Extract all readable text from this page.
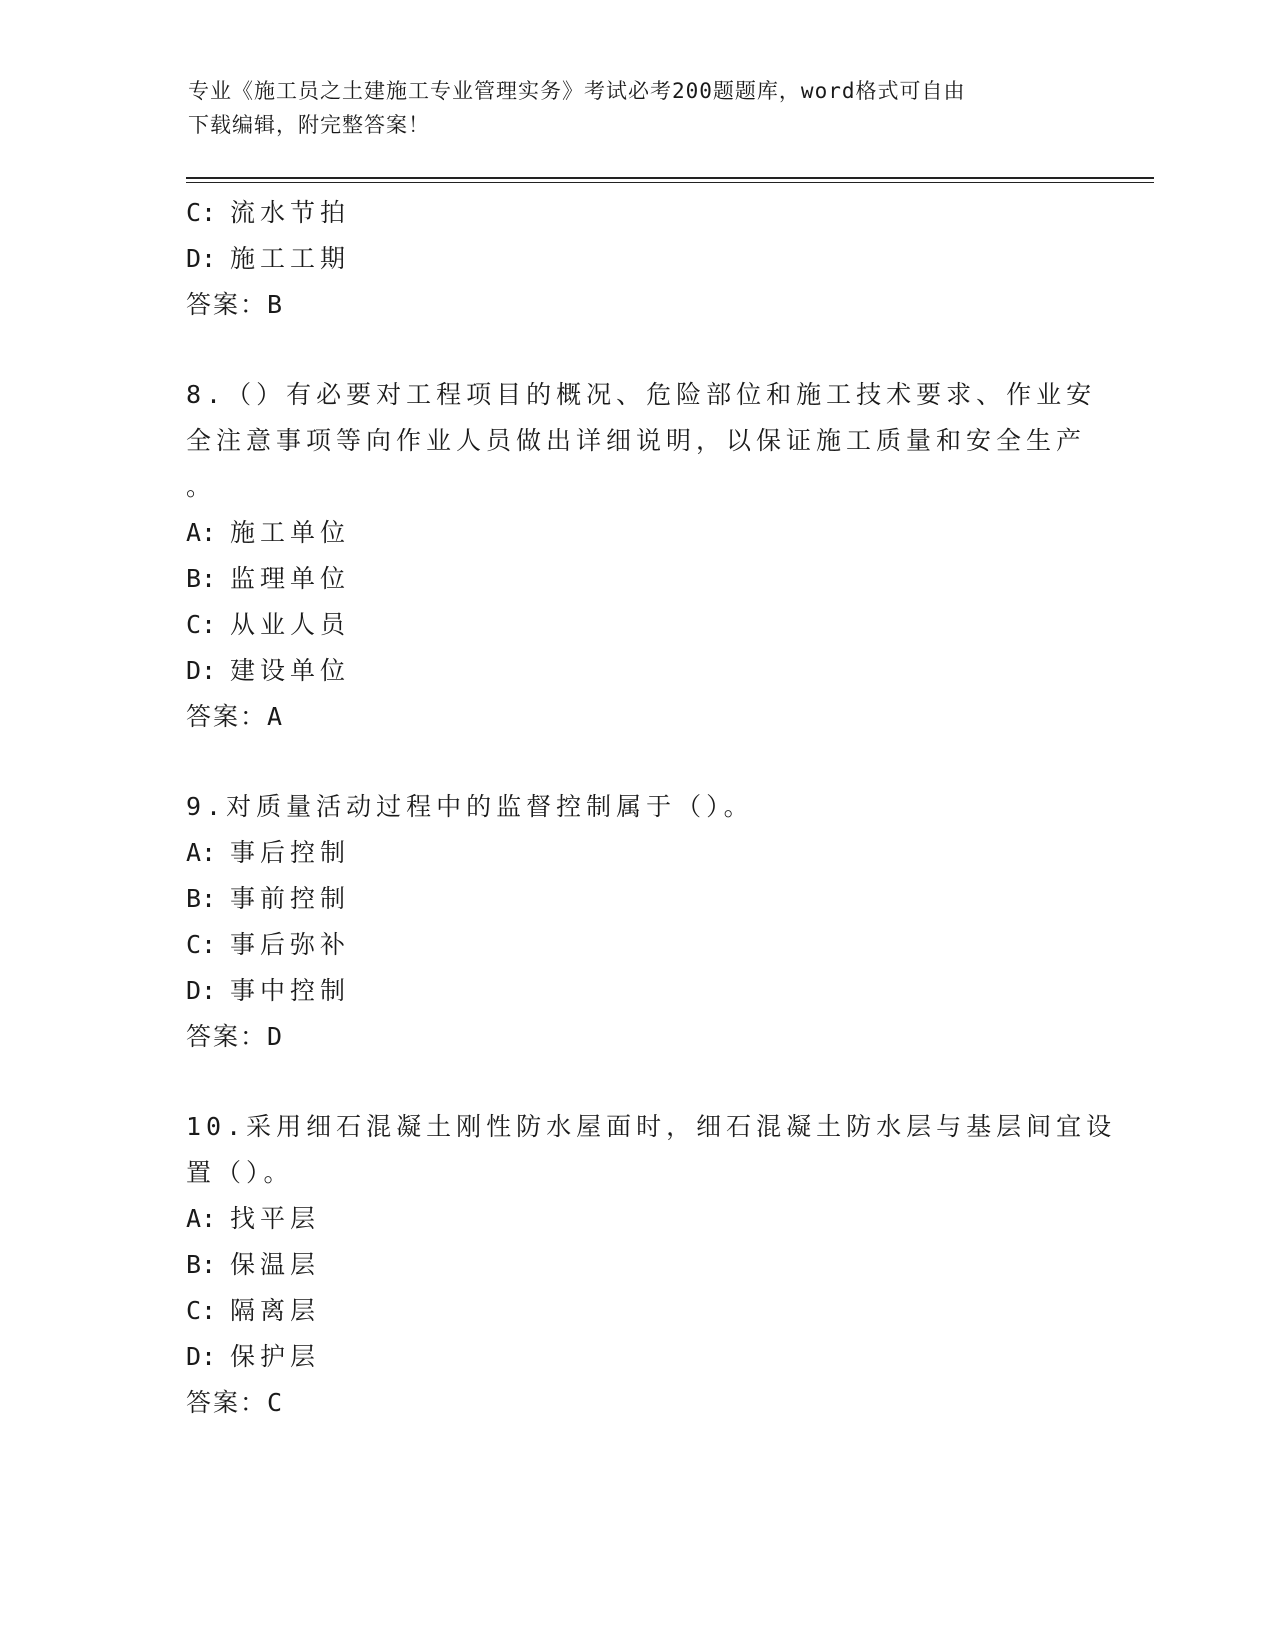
专业《施工员之土建施工专业管理实务》考试必考200题题库，word格式可自由
下载编辑，附完整答案！
C: 流水节拍
D: 施工工期
答案：B
8.（）有必要对工程项目的概况、危险部位和施工技术要求、作业安
全注意事项等向作业人员做出详细说明，以保证施工质量和安全生产
。
A: 施工单位
B: 监理单位
C: 从业人员
D: 建设单位
答案：A
9.对质量活动过程中的监督控制属于（）。
A: 事后控制
B: 事前控制
C: 事后弥补
D: 事中控制
答案：D
10.采用细石混凝土刚性防水屋面时，细石混凝土防水层与基层间宜设
置（）。
A: 找平层
B: 保温层
C: 隔离层
D: 保护层
答案：C
